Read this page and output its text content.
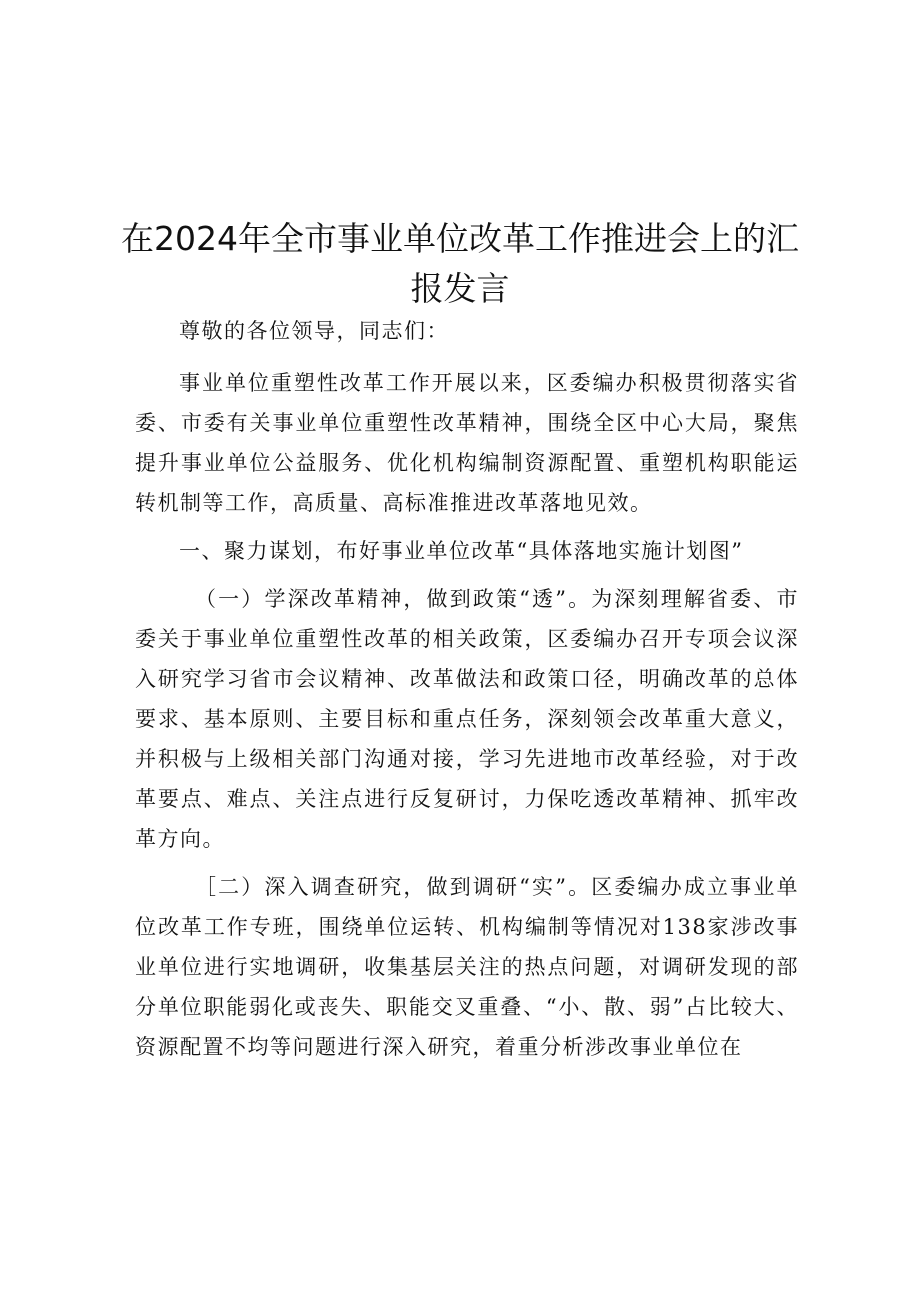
在2024年全市事业单位改革工作推进会上的汇报发言

尊敬的各位领导，同志们：

事业单位重塑性改革工作开展以来，区委编办积极贯彻落实省委、市委有关事业单位重塑性改革精神，围绕全区中心大局，聚焦提升事业单位公益服务、优化机构编制资源配置、重塑机构职能运转机制等工作，高质量、高标准推进改革落地见效。

一、聚力谋划，布好事业单位改革“具体落地实施计划图”

（一）学深改革精神，做到政策“透”。为深刻理解省委、市委关于事业单位重塑性改革的相关政策，区委编办召开专项会议深入研究学习省市会议精神、改革做法和政策口径，明确改革的总体要求、基本原则、主要目标和重点任务，深刻领会改革重大意义，并积极与上级相关部门沟通对接，学习先进地市改革经验，对于改革要点、难点、关注点进行反复研讨，力保吃透改革精神、抓牢改革方向。

［二）深入调查研究，做到调研“实”。区委编办成立事业单位改革工作专班，围绕单位运转、机构编制等情况对138家涉改事业单位进行实地调研，收集基层关注的热点问题，对调研发现的部分单位职能弱化或丧失、职能交叉重叠、“小、散、弱”占比较大、资源配置不均等问题进行深入研究，着重分析涉改事业单位在
